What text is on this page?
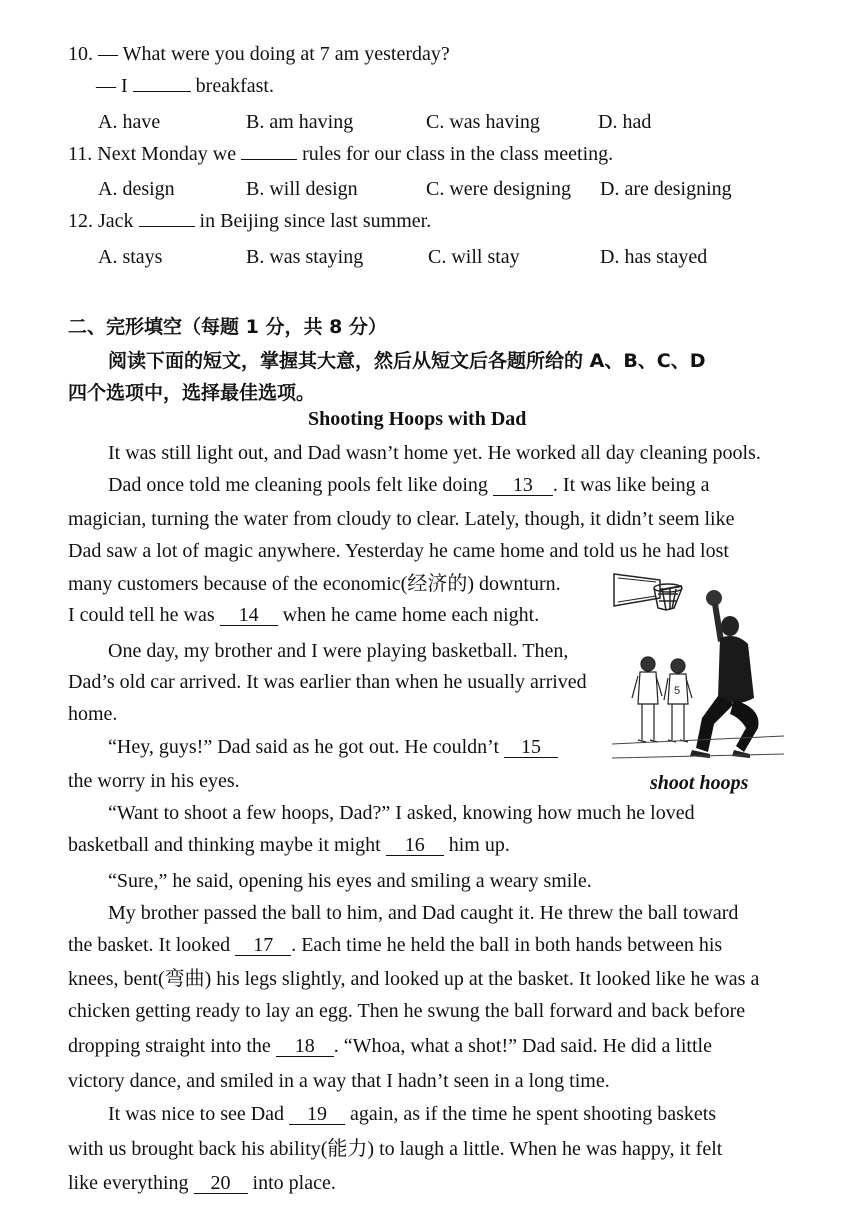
10. — What were you doing at 7 am yesterday?
— I	breakfast.
A. have	B. am having	C. was having	D. had
11. Next Monday we	rules for our class in the class meeting.
A. design	B. will design	C. were designing D. are designing
12. Jack	in Beijing since last summer.
A. stays	B. was staying	C. will stay	D. has stayed
二、完形填空（每题 1 分，共 8 分）
阅读下面的短文，掌握其大意，然后从短文后各题所给的 A、B、C、D
四个选项中，选择最佳选项。
Shooting Hoops with Dad
It was still light out, and Dad wasn’t home yet. He worked all day cleaning pools.
Dad once told me cleaning pools felt like doing 13 . It was like being a
magician, turning the water from cloudy to clear. Lately, though, it didn’t seem like
Dad saw a lot of magic anywhere. Yesterday he came home and told us he had lost
many customers because of the economic(经济的) downturn.
I could tell he was 14 when he came home each night.
One day, my brother and I were playing basketball. Then,
Dad’s old car arrived. It was earlier than when he usually arrived
home.
“Hey, guys!” Dad said as he got out. He couldn’t 15
the worry in his eyes.
“Want to shoot a few hoops, Dad?” I asked, knowing how much he loved
basketball and thinking maybe it might 16 him up.
“Sure,” he said, opening his eyes and smiling a weary smile.
My brother passed the ball to him, and Dad caught it. He threw the ball toward
the basket. It looked 17 . Each time he held the ball in both hands between his
knees, bent(弯曲) his legs slightly, and looked up at the basket. It looked like he was a
chicken getting ready to lay an egg. Then he swung the ball forward and back before
dropping straight into the 18 . “Whoa, what a shot!” Dad said. He did a little
victory dance, and smiled in a way that I hadn’t seen in a long time.
It was nice to see Dad 19 again, as if the time he spent shooting baskets
with us brought back his ability(能力) to laugh a little. When he was happy, it felt
like everything 20 into place.
5
shoot hoops
